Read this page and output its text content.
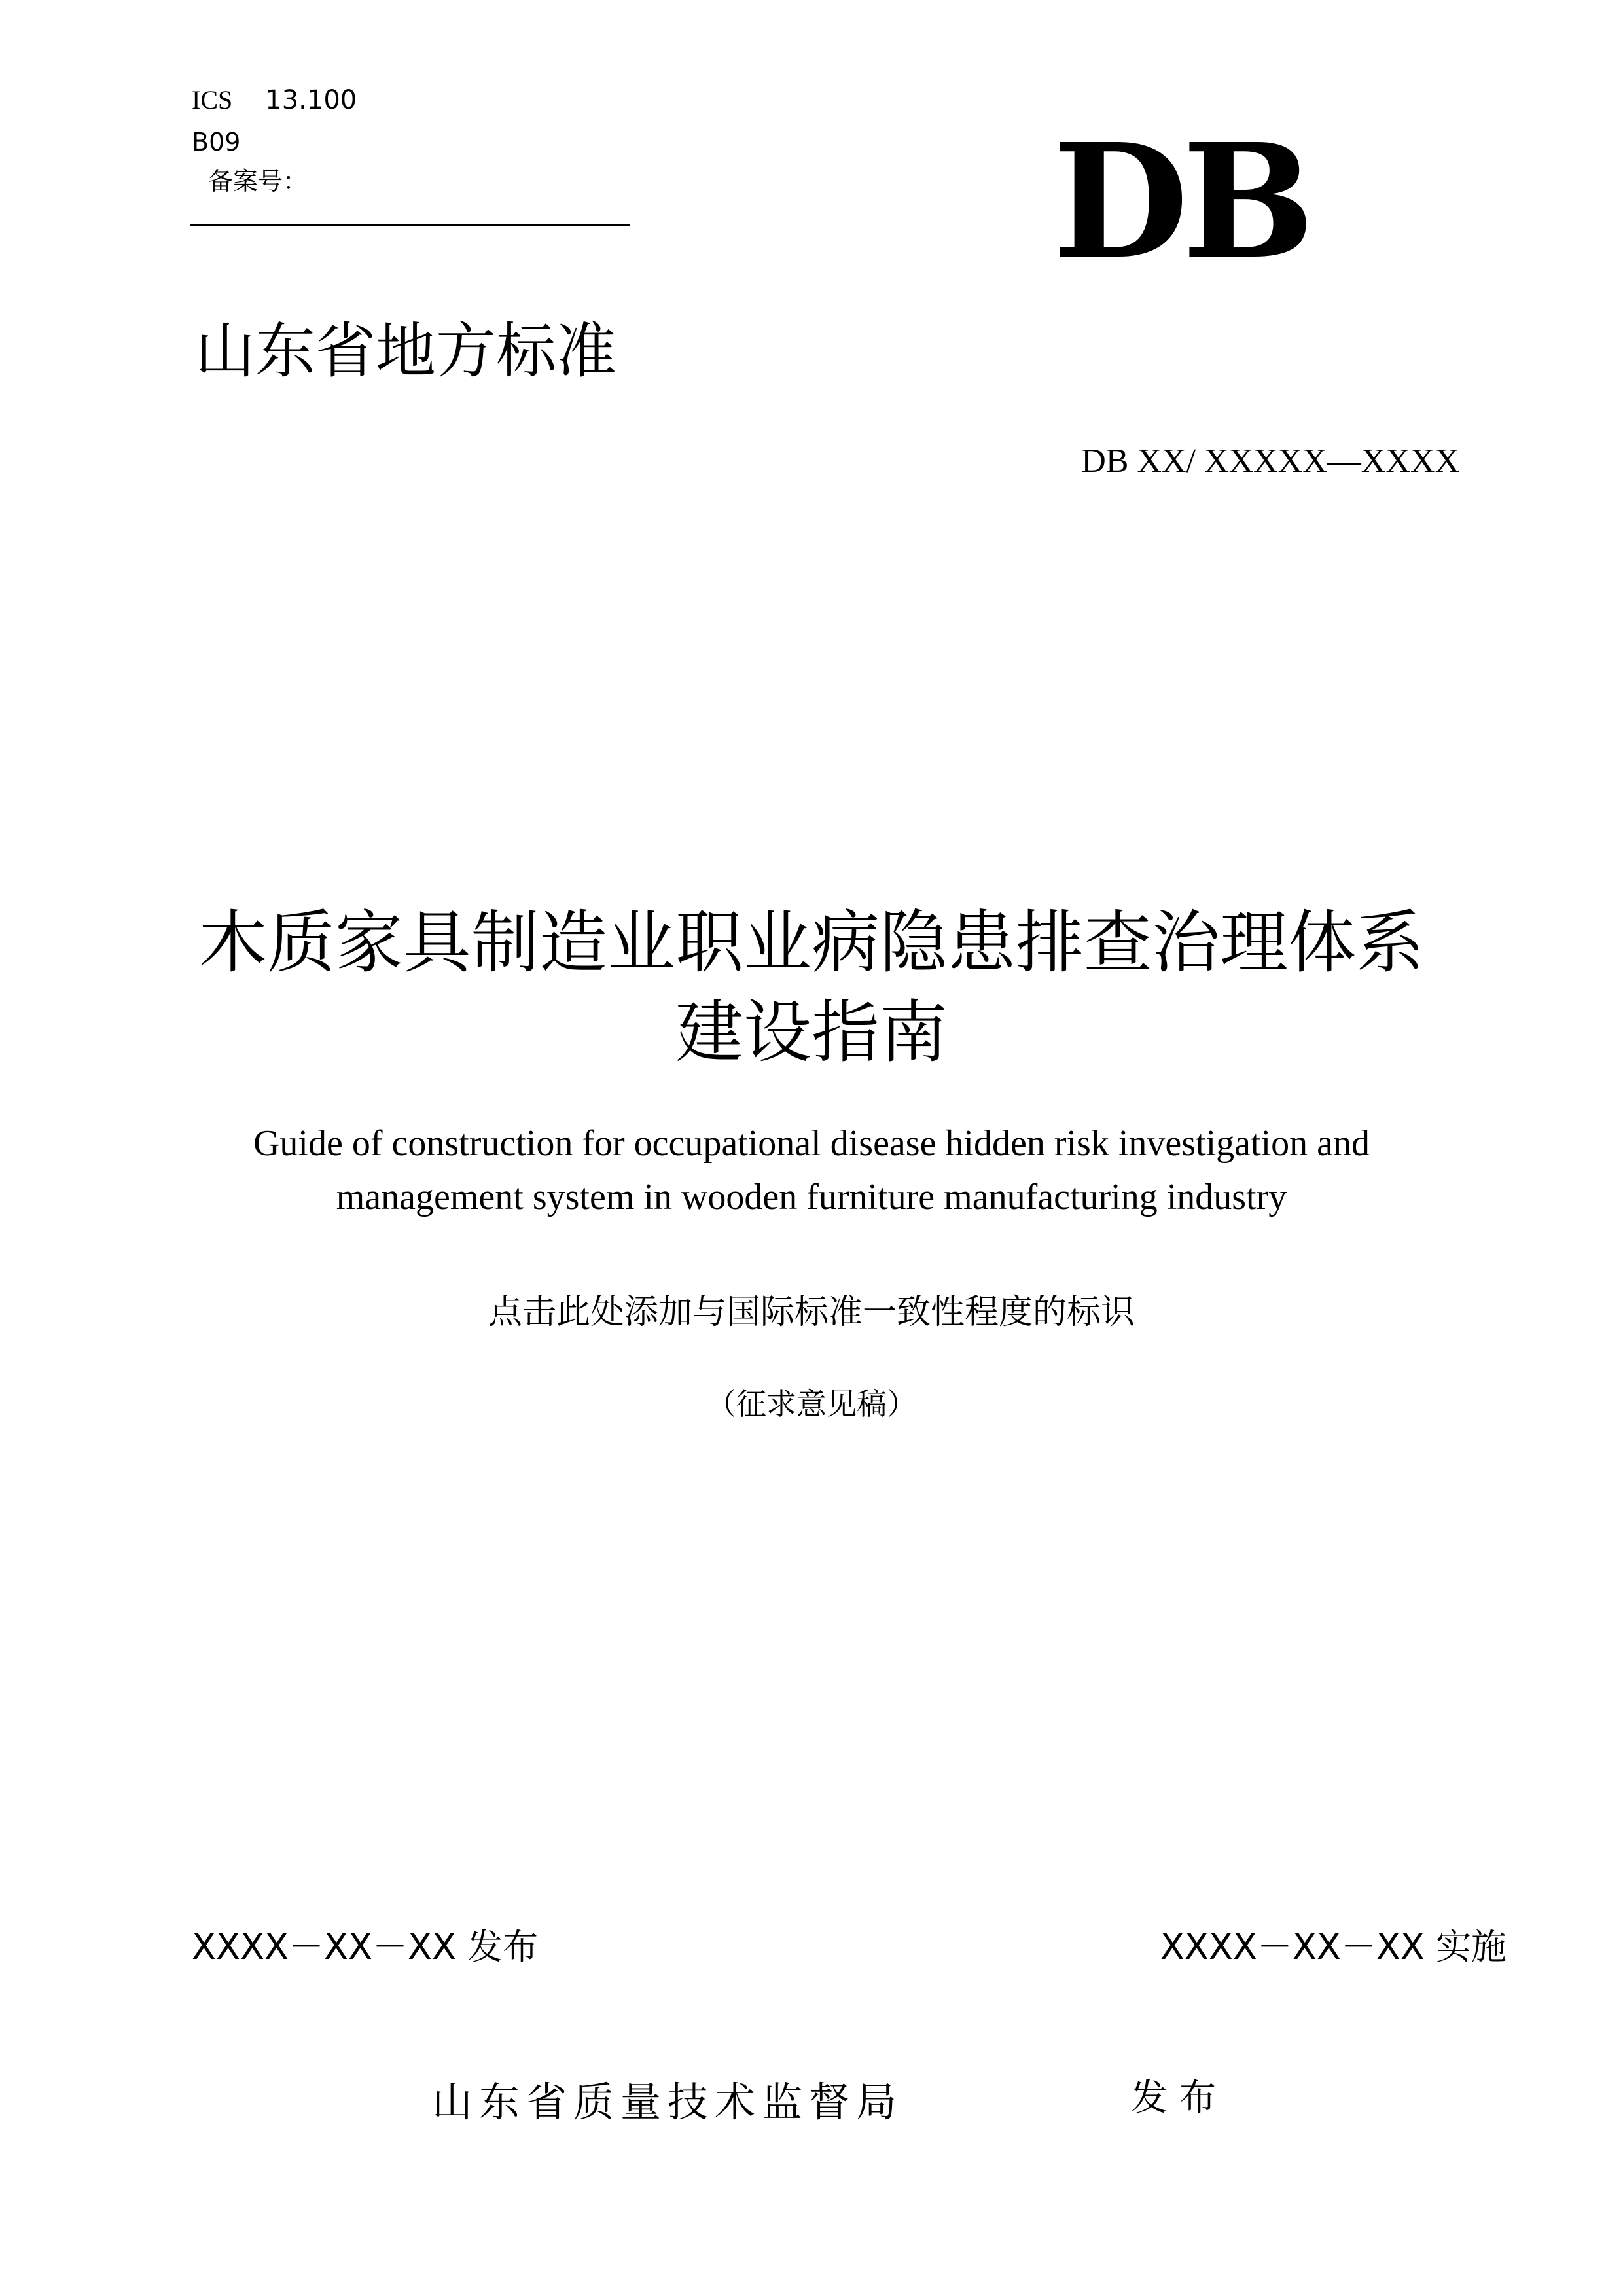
ICS 13.100
B09
备案号：	DB
山东省地方标准
DB XX/ XXXXX—XXXX
木质家具制造业职业病隐患排查治理体系
建设指南
Guide of construction for occupational disease hidden risk investigation and
management system in wooden furniture manufacturing industry
点击此处添加与国际标准一致性程度的标识
（征求意见稿）
XXXX－XX－XX 发布	XXXX－XX－XX 实施
山东省质量技术监督局	发布
